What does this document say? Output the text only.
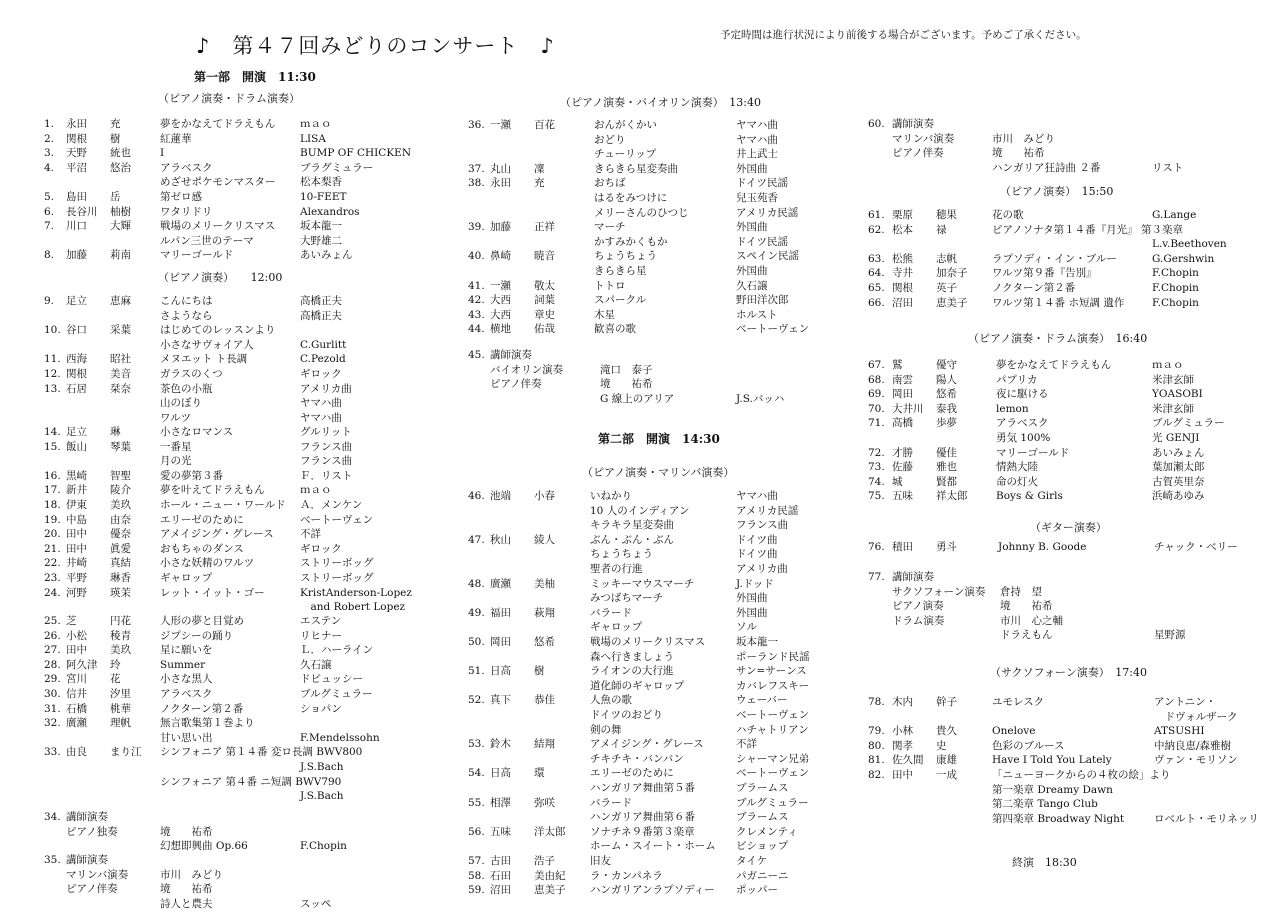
♪　第４７回みどりのコンサート　♪	予定時間は進行状況により前後する場合がございます。予めご了承ください。
第一部　開演　11:30
（ピアノ演奏・ドラム演奏）
1. 永田 充	夢をかなえてドラえもん ｍａｏ
2. 関根 樹	紅蓮華	LISA
3. 天野 統也	I	BUMP OF CHICKEN
4. 平沼 悠治	アラベスク	ブラグミュラー
めざせポケモンマスター 松本梨香
5. 島田 岳	第ゼロ感	10-FEET
6. 長谷川 柚樹	ワタリドリ	Alexandros
7. 川口 大輝	戦場のメリークリスマス 坂本龍一
ルパン三世のテーマ	大野雄二
8. 加藤 莉南	マリーゴールド	あいみょん
（ピアノ演奏）　　12:00
9. 足立 恵麻	こんにちは	高橋正夫
さようなら	高橋正夫
10. 谷口 采葉	はじめてのレッスンより
小さなサヴォイア人	C.Gurlitt
11. 西海 昭社	メヌエット ト長調	C.Pezold
12. 関根 美音	ガラスのくつ	ギロック
13. 石居 栞奈	茶色の小瓶	アメリカ曲
山のぼり	ヤマハ曲
ワルツ	ヤマハ曲
14. 足立 琳	小さなロマンス	グルリット
15. 飯山 琴葉	一番星	フランス曲
月の光	フランス曲
16. 黒崎 智聖	愛の夢第３番	Ｆ．リスト
17. 新井 陵介	夢を叶えてドラえもん	ｍａｏ
18. 伊東 美玖	ホール・ニュー・ワールド Ａ．メンケン
19. 中島 由奈	エリーゼのために	ベートーヴェン
20. 田中 優奈	アメイジング・グレース	不詳
21. 田中 眞愛	おもちゃのダンス	ギロック
22. 井崎 真結	小さな妖精のワルツ	ストリーボッグ
23. 平野 琳香	ギャロップ	ストリーボッグ
24. 河野 瑛茉	レット・イット・ゴー	KristAnderson-Lopez
　and Robert Lopez
25. 芝	円花	人形の夢と目覚め	エステン
26. 小松 稜青	ジプシーの踊り	リヒナー
27. 田中 美玖	星に願いを	Ｌ．ハーライン
28. 阿久津 玲	Summer	久石譲
29. 宮川 花	小さな黒人	ドビュッシー
30. 信井 汐里	アラベスク	ブルグミュラー
31. 石橋 桃華	ノクターン第２番	ショパン
32. 廣瀬 理帆	無言歌集第１巻より
甘い思い出	F.Mendelssohn
33. 由良 まり江 シンフォニア 第１４番 変ロ長調 BWV800
J.S.Bach
シンフォニア 第４番 ニ短調 BWV790
J.S.Bach
34. 講師演奏
ピアノ独奏	境　　祐希
幻想即興曲 Op.66	F.Chopin
35. 講師演奏
マリンバ演奏	市川　みどり
ピアノ伴奏	境　　祐希
詩人と農夫	スッペ
（ピアノ演奏・バイオリン演奏）　13:40
36. 一瀬 百花	おんがくかい	ヤマハ曲
おどり	ヤマハ曲
チューリップ	井上武士
37. 丸山 凜	きらきら星変奏曲	外国曲
38. 永田 充	おちば	ドイツ民謡
はるをみつけに	兒玉苑香
メリーさんのひつじ	アメリカ民謡
39. 加藤 正祥	マーチ	外国曲
かすみかくもか	ドイツ民謡
40. 鼻崎 暁音	ちょうちょう	スペイン民謡
きらきら星	外国曲
41. 一瀬 敬太	トトロ	久石譲
42. 大西 詞葉	スパークル	野田洋次郎
43. 大西 章史	木星	ホルスト
44. 横地 佑哉	歓喜の歌	ベートーヴェン
45. 講師演奏
バイオリン演奏	滝口　泰子
ピアノ伴奏	境　　祐希
G 線上のアリア	J.S.バッハ
第二部　開演　14:30
（ピアノ演奏・マリンバ演奏）
46. 池端 小春	いねかり	ヤマハ曲
10 人のインディアン	アメリカ民謡
キラキラ星変奏曲	フランス曲
47. 秋山 綾人	ぶん・ぶん・ぶん	ドイツ曲
ちょうちょう	ドイツ曲
聖者の行進	アメリカ曲
48. 廣瀬 美柚	ミッキーマウスマーチ	J.ドッド
みつばちマーチ	外国曲
49. 福田 萩翔	バラード	外国曲
ギャロップ	ソル
50. 岡田 悠希	戦場のメリークリスマス	坂本龍一
森へ行きましょう	ポーランド民謡
51. 日高 樹	ライオンの大行進	サン=サーンス
道化師のギャロップ	カバレフスキー
52. 真下 恭佳	人魚の歌	ウェーバー
ドイツのおどり	ベートーヴェン
剣の舞	ハチャトリアン
53. 鈴木 結翔	アメイジング・グレース	不詳
チキチキ・バンバン	シャーマン兄弟
54. 日高 環	エリーゼのために	ベートーヴェン
ハンガリア舞曲第５番	ブラームス
55. 相澤 弥咲	バラード	ブルグミュラー
ハンガリア舞曲第６番	ブラームス
56. 五味 洋太郎 ソナチネ９番第３楽章	クレメンティ
ホーム・スイート・ホーム ビショップ
57. 古田 浩子	旧友	タイケ
58. 石田 美由紀 ラ・カンパネラ	パガニーニ
59. 沼田 恵美子 ハンガリアンラプソディー ポッパー
60. 講師演奏
マリンバ演奏	市川　みどり
ピアノ伴奏	境　　祐希
ハンガリア狂詩曲 ２番	リスト
（ピアノ演奏）　15:50
61. 栗原 穂果	花の歌	G.Lange
62. 松本 禄	ピアノソナタ第１４番『月光』 第３楽章
L.v.Beethoven
63. 松熊 志帆	ラプソディ・イン・ブルー	G.Gershwin
64. 寺井 加奈子 ワルツ第９番『告別』	F.Chopin
65. 関根 英子	ノクターン第２番	F.Chopin
66. 沼田 恵美子 ワルツ第１４番 ホ短調 遺作	F.Chopin
（ピアノ演奏・ドラム演奏）　16:40
67. 鷲	優守	夢をかなえてドラえもん	ｍａｏ
68. 南雲 陽人	パプリカ	米津玄師
69. 岡田 悠希	夜に駆ける	YOASOBI
70. 大井川 泰我	lemon	米津玄師
71. 高橋 歩夢	アラベスク	ブルグミュラー
勇気 100%	光 GENJI
72. 才勝 優佳	マリーゴールド	あいみょん
73. 佐藤 雅也	情熱大陸	葉加瀬太郎
74. 城	賢都	命の灯火	古賀英里奈
75. 五味 祥太郎	Boys & Girls	浜崎あゆみ
（ギター演奏）
76. 積田 勇斗	Johnny B. Goode	チャック・ベリー
77. 講師演奏
サクソフォーン演奏 倉持　望
ピアノ演奏	境　　祐希
ドラム演奏	市川　心之輔
ドラえもん	星野源
（サクソフォーン演奏）　17:40
78. 木内 幹子	ユモレスク	アントニン・
　ドヴォルザーク
79. 小林 貴久	Onelove	ATSUSHI
80. 関孝 史	色彩のブルース	中納良恵/森雅樹
81. 佐久間 康雄	Have I Told You Lately	ヴァン・モリソン
82. 田中 一成	「ニューヨークからの４枚の絵」より
第一楽章 Dreamy Dawn
第二楽章 Tango Club
第四楽章 Broadway Night	ロベルト・モリネッリ
終演　18:30
